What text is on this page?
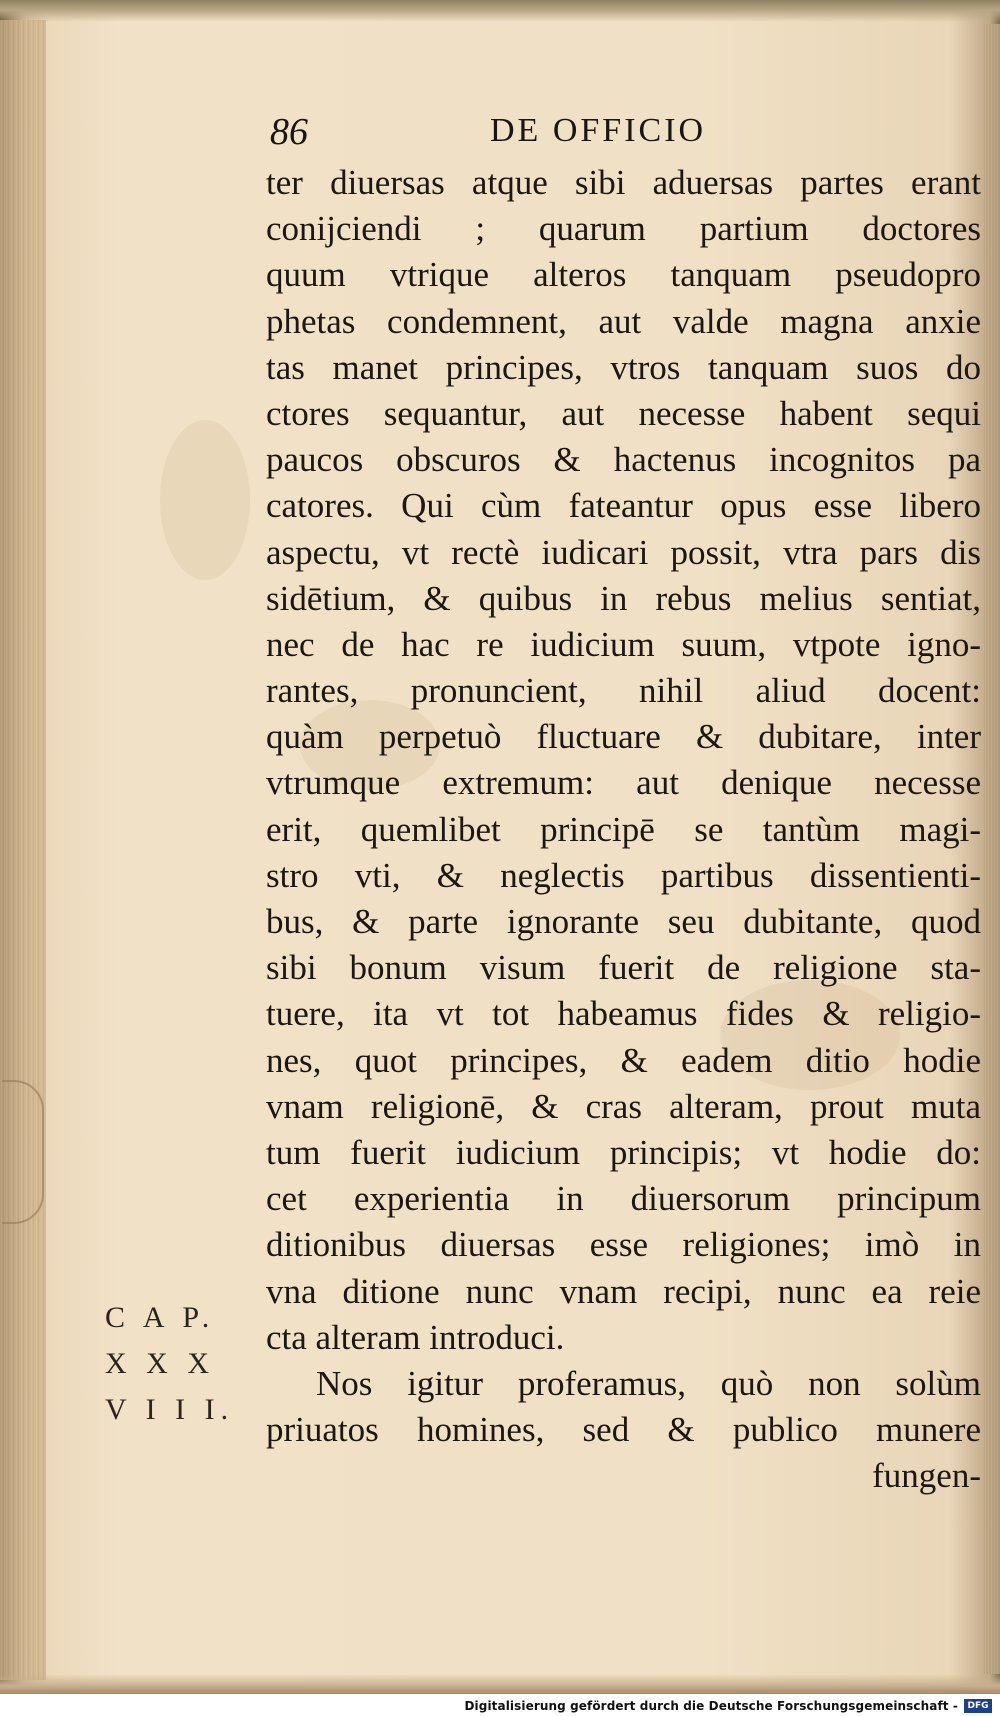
86	DE OFFICIO
ter diuersas atque sibi aduersas partes erant
conijciendi ; quarum partium doctores
quum vtrique alteros tanquam pseudopro
phetas condemnent, aut valde magna anxie
tas manet principes, vtros tanquam suos do
ctores sequantur, aut necesse habent sequi
paucos obscuros & hactenus incognitos pa
catores. Qui cùm fateantur opus esse libero
aspectu, vt rectè iudicari possit, vtra pars dis
sidētium, & quibus in rebus melius sentiat,
nec de hac re iudicium suum, vtpote igno-
rantes, pronuncient, nihil aliud docent:
quàm perpetuò fluctuare & dubitare, inter
vtrumque extremum: aut denique necesse
erit, quemlibet principē se tantùm magi-
stro vti, & neglectis partibus dissentienti-
bus, & parte ignorante seu dubitante, quod
sibi bonum visum fuerit de religione sta-
tuere, ita vt tot habeamus fides & religio-
nes, quot principes, & eadem ditio hodie
vnam religionē, & cras alteram, prout muta
tum fuerit iudicium principis; vt hodie do:
cet experientia in diuersorum principum
ditionibus diuersas esse religiones; imò in
vna ditione nunc vnam recipi, nunc ea reie
cta alteram introduci.
Nos igitur proferamus, quò non solùm
priuatos homines, sed & publico munere
fungen-
C A P.
X X X
V I I I.
Digitalisierung gefördert durch die Deutsche Forschungsgemeinschaft -	DFG
